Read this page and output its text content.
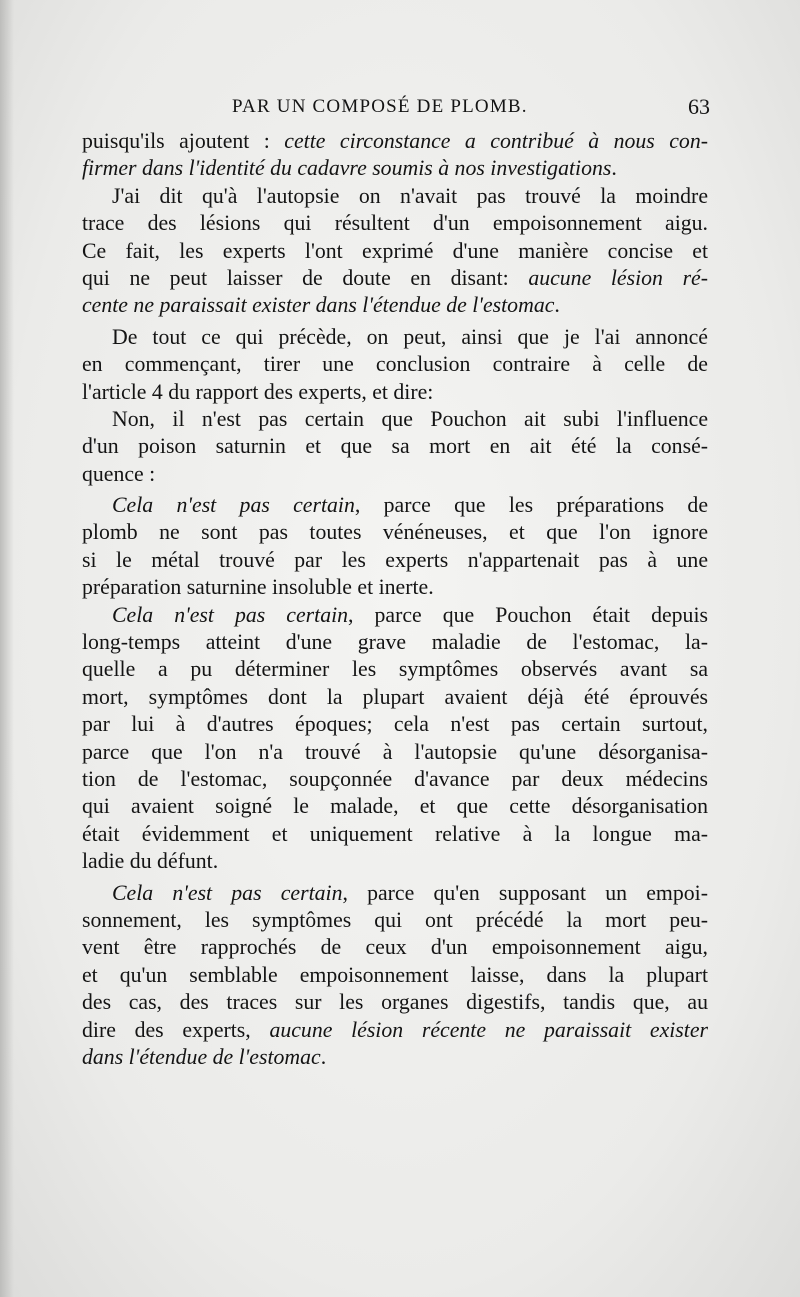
PAR UN COMPOSÉ DE PLOMB.	63
puisqu'ils ajoutent : cette circonstance a contribué à nous con-
firmer dans l'identité du cadavre soumis à nos investigations.
J'ai dit qu'à l'autopsie on n'avait pas trouvé la moindre
trace des lésions qui résultent d'un empoisonnement aigu.
Ce fait, les experts l'ont exprimé d'une manière concise et
qui ne peut laisser de doute en disant: aucune lésion ré-
cente ne paraissait exister dans l'étendue de l'estomac.
De tout ce qui précède, on peut, ainsi que je l'ai annoncé
en commençant, tirer une conclusion contraire à celle de
l'article 4 du rapport des experts, et dire:
Non, il n'est pas certain que Pouchon ait subi l'influence
d'un poison saturnin et que sa mort en ait été la consé-
quence :
Cela n'est pas certain, parce que les préparations de
plomb ne sont pas toutes vénéneuses, et que l'on ignore
si le métal trouvé par les experts n'appartenait pas à une
préparation saturnine insoluble et inerte.
Cela n'est pas certain, parce que Pouchon était depuis
long-temps atteint d'une grave maladie de l'estomac, la-
quelle a pu déterminer les symptômes observés avant sa
mort, symptômes dont la plupart avaient déjà été éprouvés
par lui à d'autres époques; cela n'est pas certain surtout,
parce que l'on n'a trouvé à l'autopsie qu'une désorganisa-
tion de l'estomac, soupçonnée d'avance par deux médecins
qui avaient soigné le malade, et que cette désorganisation
était évidemment et uniquement relative à la longue ma-
ladie du défunt.
Cela n'est pas certain, parce qu'en supposant un empoi-
sonnement, les symptômes qui ont précédé la mort peu-
vent être rapprochés de ceux d'un empoisonnement aigu,
et qu'un semblable empoisonnement laisse, dans la plupart
des cas, des traces sur les organes digestifs, tandis que, au
dire des experts, aucune lésion récente ne paraissait exister
dans l'étendue de l'estomac.
